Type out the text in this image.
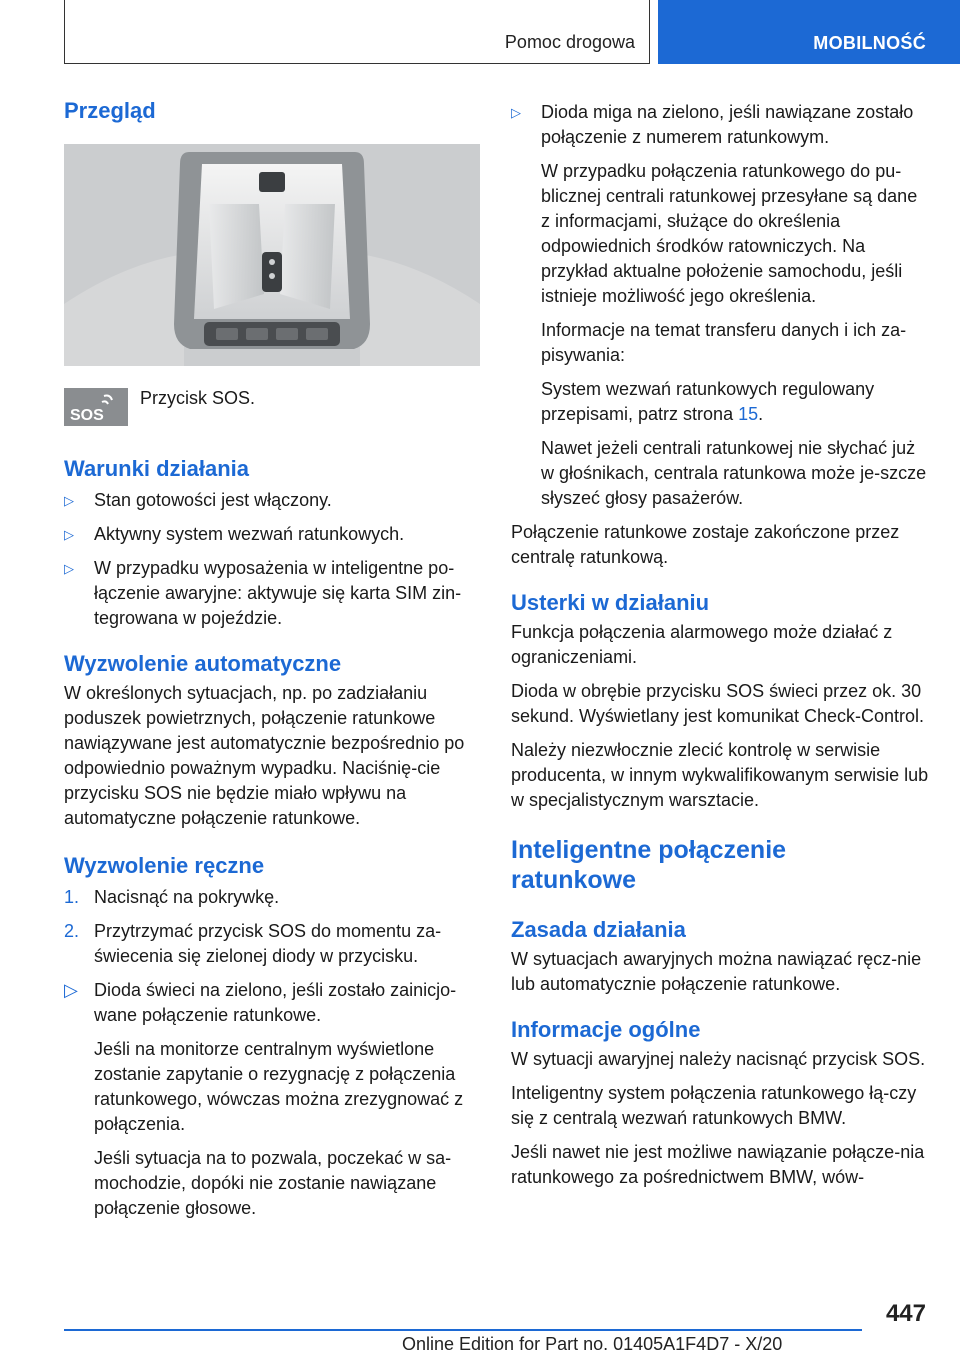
Pomoc drogowa	MOBILNOŚĆ
Przegląd
SOS

Przycisk SOS.

Warunki działania
▷ Stan gotowości jest włączony.
▷ Aktywny system wezwań ratunkowych.
▷ W przypadku wyposażenia w inteligentne po-łączenie awaryjne: aktywuje się karta SIM zin-tegrowana w pojeździe.
Wyzwolenie automatyczne

W określonych sytuacjach, np. po zadziałaniu poduszek powietrznych, połączenie ratunkowe nawiązywane jest automatycznie bezpośrednio po odpowiednio poważnym wypadku. Naciśnię-cie przycisku SOS nie będzie miało wpływu na automatyczne połączenie ratunkowe.

Wyzwolenie ręczne
1. Nacisnąć na pokrywkę.
2. Przytrzymać przycisk SOS do momentu za-świecenia się zielonej diody w przycisku.
▷ Dioda świeci na zielono, jeśli zostało zainicjo-wane połączenie ratunkowe.

Jeśli na monitorze centralnym wyświetlone zostanie zapytanie o rezygnację z połączenia ratunkowego, wówczas można zrezygnować z połączenia.

Jeśli sytuacja na to pozwala, poczekać w sa-mochodzie, dopóki nie zostanie nawiązane połączenie głosowe.

▷ Dioda miga na zielono, jeśli nawiązane zostało połączenie z numerem ratunkowym.

W przypadku połączenia ratunkowego do pu-blicznej centrali ratunkowej przesyłane są dane z informacjami, służące do określenia odpowiednich środków ratowniczych. Na przykład aktualne położenie samochodu, jeśli istnieje możliwość jego określenia.

Informacje na temat transferu danych i ich za-pisywania:

System wezwań ratunkowych regulowany przepisami, patrz strona 15.

Nawet jeżeli centrali ratunkowej nie słychać już w głośnikach, centrala ratunkowa może je-szcze słyszeć głosy pasażerów.

Połączenie ratunkowe zostaje zakończone przez centralę ratunkową.

Usterki w działaniu

Funkcja połączenia alarmowego może działać z ograniczeniami.

Dioda w obrębie przycisku SOS świeci przez ok. 30 sekund. Wyświetlany jest komunikat Check-Control.

Należy niezwłocznie zlecić kontrolę w serwisie producenta, w innym wykwalifikowanym serwisie lub w specjalistycznym warsztacie.

Inteligentne połączenie ratunkowe
Zasada działania

W sytuacjach awaryjnych można nawiązać ręcz-nie lub automatycznie połączenie ratunkowe.

Informacje ogólne

W sytuacji awaryjnej należy nacisnąć przycisk SOS.

Inteligentny system połączenia ratunkowego łą-czy się z centralą wezwań ratunkowych BMW.

Jeśli nawet nie jest możliwe nawiązanie połącze-nia ratunkowego za pośrednictwem BMW, wów-

447
Online Edition for Part no. 01405A1F4D7 - X/20
